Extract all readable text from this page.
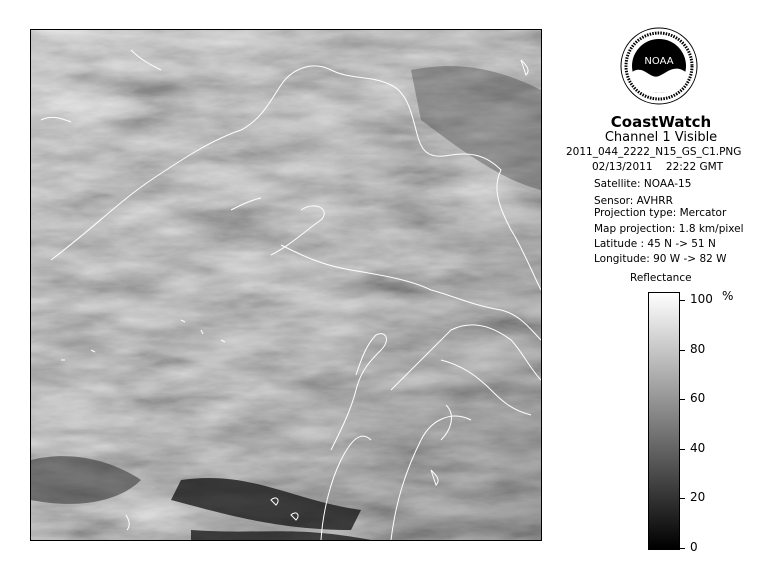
NOAA
CoastWatch
Channel 1 Visible
2011_044_2222_N15_GS_C1.PNG
02/13/2011 22:22 GMT
Satellite: NOAA-15
Sensor: AVHRR
Projection type: Mercator
Map projection: 1.8 km/pixel
Latitude : 45 N -> 51 N
Longitude: 90 W -> 82 W
Reflectance
%
100
80
60
40
20
0
